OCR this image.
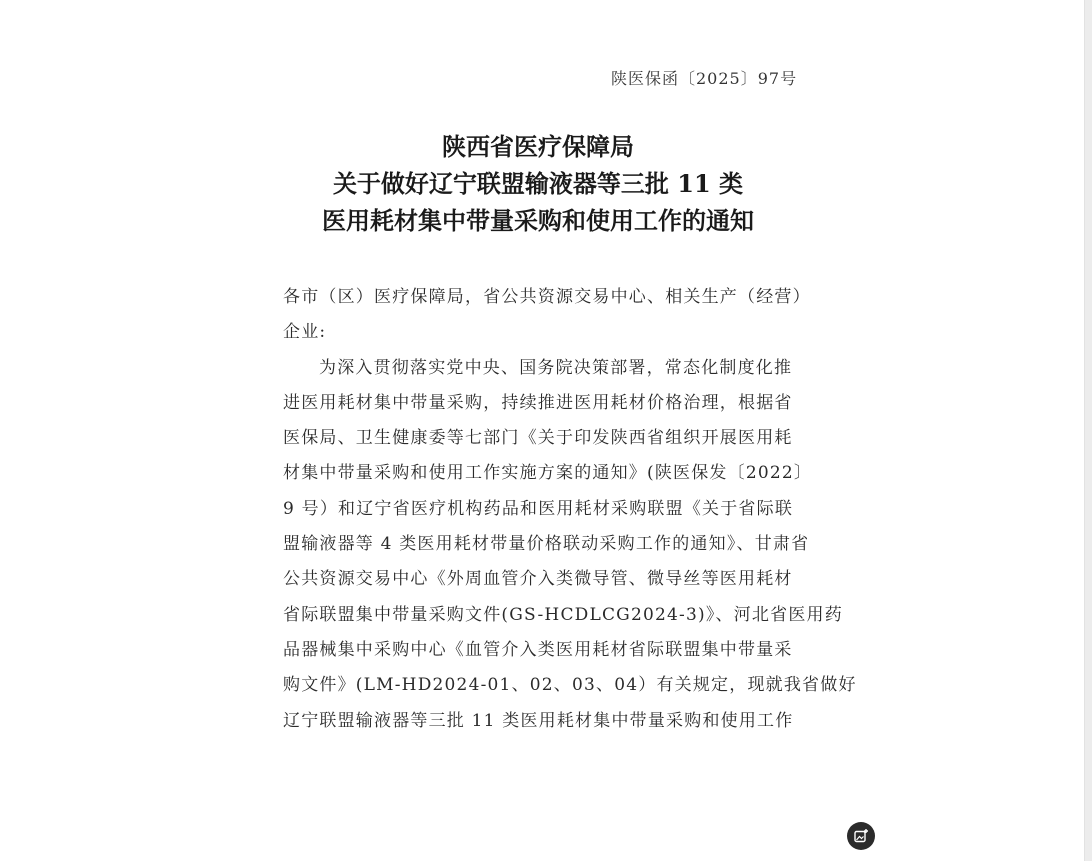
陕医保函〔2025〕97号
陕西省医疗保障局
关于做好辽宁联盟输液器等三批 11 类
医用耗材集中带量采购和使用工作的通知
各市（区）医疗保障局，省公共资源交易中心、相关生产（经营）
企业:
为深入贯彻落实党中央、国务院决策部署，常态化制度化推
进医用耗材集中带量采购，持续推进医用耗材价格治理，根据省
医保局、卫生健康委等七部门《关于印发陕西省组织开展医用耗
材集中带量采购和使用工作实施方案的通知》(陕医保发〔2022〕
9 号）和辽宁省医疗机构药品和医用耗材采购联盟《关于省际联
盟输液器等 4 类医用耗材带量价格联动采购工作的通知》、甘肃省
公共资源交易中心《外周血管介入类微导管、微导丝等医用耗材
省际联盟集中带量采购文件(GS-HCDLCG2024-3)》、河北省医用药
品器械集中采购中心《血管介入类医用耗材省际联盟集中带量采
购文件》(LM-HD2024-01、02、03、04）有关规定，现就我省做好
辽宁联盟输液器等三批 11 类医用耗材集中带量采购和使用工作
